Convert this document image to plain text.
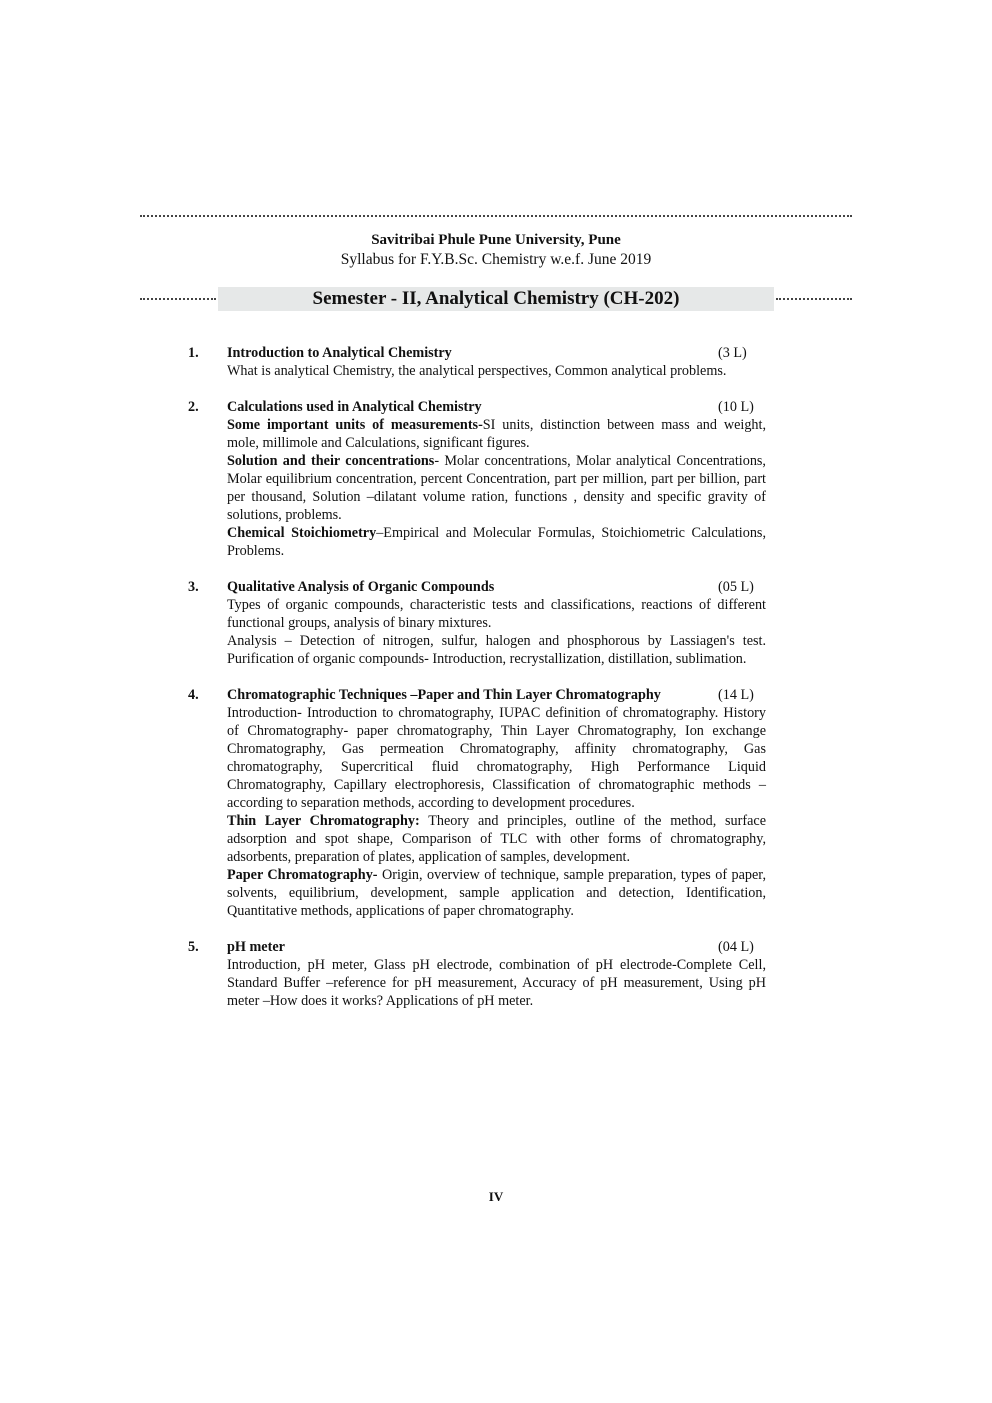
Savitribai Phule Pune University, Pune
Syllabus for F.Y.B.Sc. Chemistry w.e.f. June 2019
Semester - II, Analytical Chemistry (CH-202)
1. Introduction to Analytical Chemistry	(3 L)
What is analytical Chemistry, the analytical perspectives, Common analytical problems.
2. Calculations used in Analytical Chemistry	(10 L)
Some important units of measurements-SI units, distinction between mass and weight, mole, millimole and Calculations, significant figures.
Solution and their concentrations- Molar concentrations, Molar analytical Concentrations, Molar equilibrium concentration, percent Concentration, part per million, part per billion, part per thousand, Solution –dilatant volume ration, functions , density and specific gravity of solutions, problems.
Chemical Stoichiometry–Empirical and Molecular Formulas, Stoichiometric Calculations, Problems.
3. Qualitative Analysis of Organic Compounds	(05 L)
Types of organic compounds, characteristic tests and classifications, reactions of different functional groups, analysis of binary mixtures.
Analysis – Detection of nitrogen, sulfur, halogen and phosphorous by Lassiagen's test. Purification of organic compounds- Introduction, recrystallization, distillation, sublimation.
4. Chromatographic Techniques –Paper and Thin Layer Chromatography	(14 L)
Introduction- Introduction to chromatography, IUPAC definition of chromatography. History of Chromatography- paper chromatography, Thin Layer Chromatography, Ion exchange Chromatography, Gas permeation Chromatography, affinity chromatography, Gas chromatography, Supercritical fluid chromatography, High Performance Liquid Chromatography, Capillary electrophoresis, Classification of chromatographic methods – according to separation methods, according to development procedures.
Thin Layer Chromatography: Theory and principles, outline of the method, surface adsorption and spot shape, Comparison of TLC with other forms of chromatography, adsorbents, preparation of plates, application of samples, development.
Paper Chromatography- Origin, overview of technique, sample preparation, types of paper, solvents, equilibrium, development, sample application and detection, Identification, Quantitative methods, applications of paper chromatography.
5. pH meter	(04 L)
Introduction, pH meter, Glass pH electrode, combination of pH electrode-Complete Cell, Standard Buffer –reference for pH measurement, Accuracy of pH measurement, Using pH meter –How does it works? Applications of pH meter.
IV
